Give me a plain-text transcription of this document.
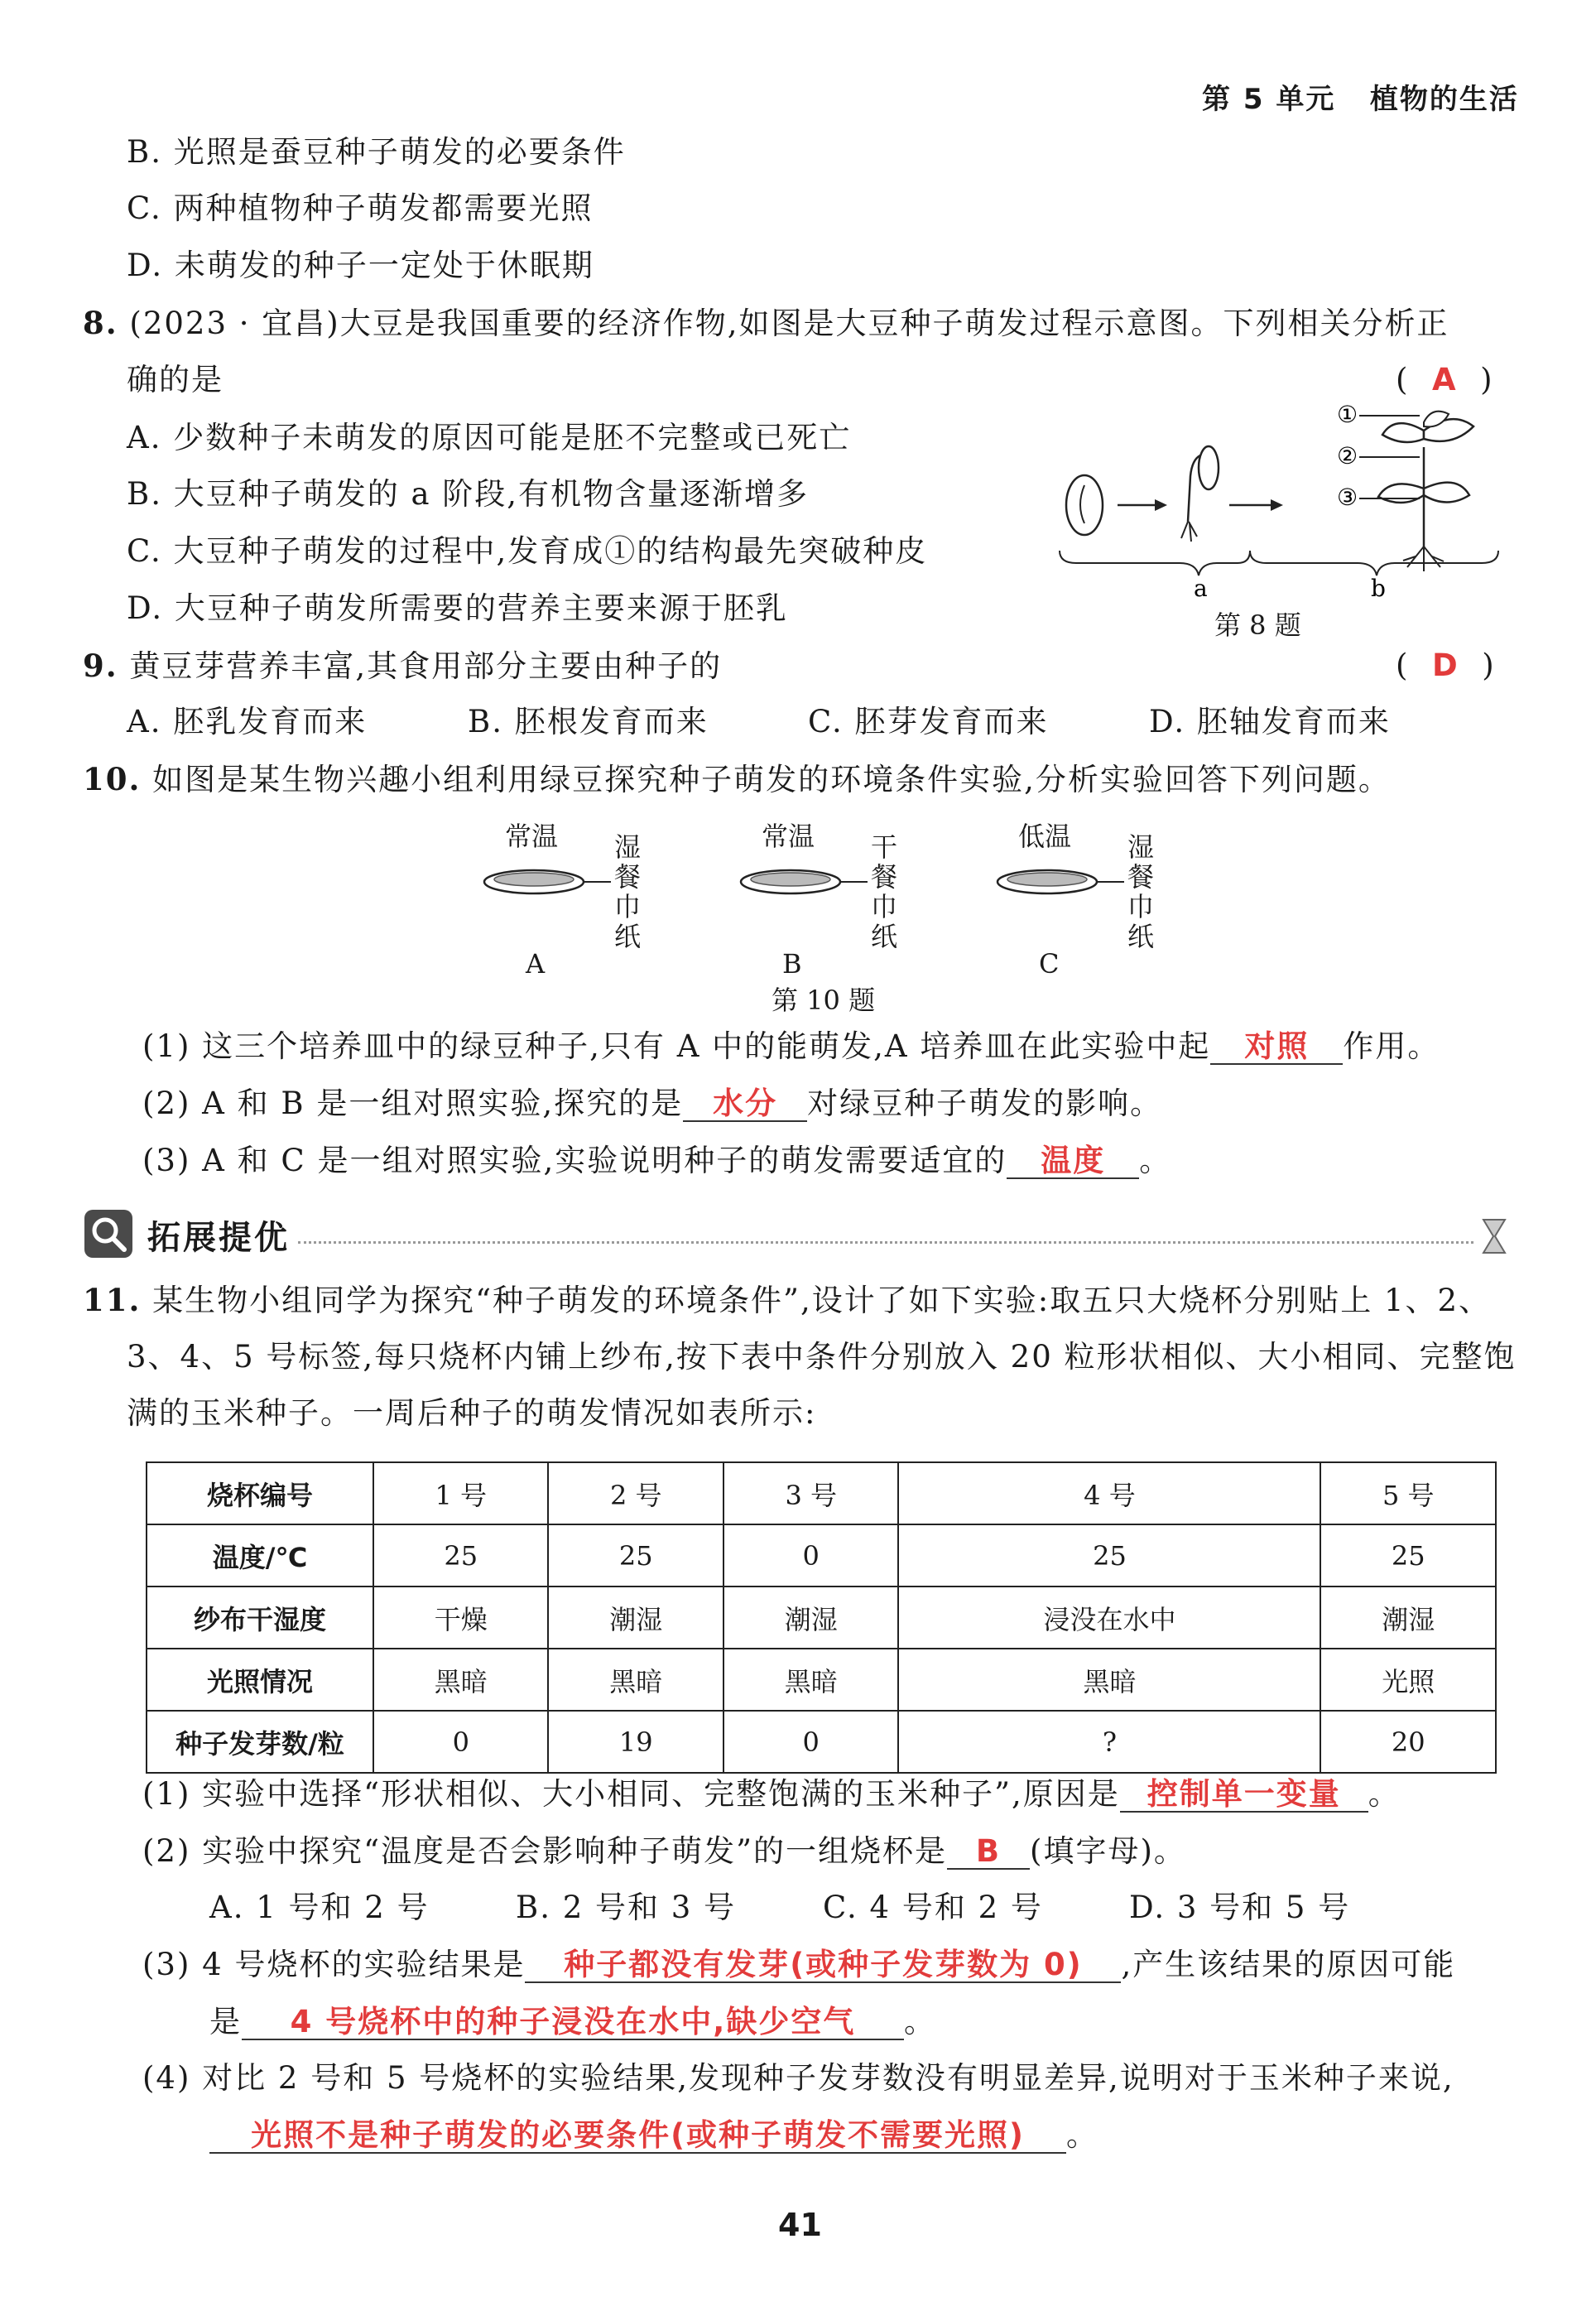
第 5 单元 植物的生活
B. 光照是蚕豆种子萌发的必要条件
C. 两种植物种子萌发都需要光照
D. 未萌发的种子一定处于休眠期
8. (2023 · 宜昌)大豆是我国重要的经济作物,如图是大豆种子萌发过程示意图。下列相关分析正
确的是	(  A  )
A. 少数种子未萌发的原因可能是胚不完整或已死亡
B. 大豆种子萌发的 a 阶段,有机物含量逐渐增多
C. 大豆种子萌发的过程中,发育成①的结构最先突破种皮
D. 大豆种子萌发所需要的营养主要来源于胚乳
①
②
③
a	b
第 8 题
9. 黄豆芽营养丰富,其食用部分主要由种子的	(  D  )
A. 胚乳发育而来	B. 胚根发育而来	C. 胚芽发育而来	D. 胚轴发育而来
10. 如图是某生物兴趣小组利用绿豆探究种子萌发的环境条件实验,分析实验回答下列问题。
常温 湿餐巾纸
A
常温 干餐巾纸
B
低温 湿餐巾纸
C
第 10 题
(1) 这三个培养皿中的绿豆种子,只有 A 中的能萌发,A 培养皿在此实验中起 对照 作用。
(2) A 和 B 是一组对照实验,探究的是 水分 对绿豆种子萌发的影响。
(3) A 和 C 是一组对照实验,实验说明种子的萌发需要适宜的 温度 。
拓展提优
11. 某生物小组同学为探究“种子萌发的环境条件”,设计了如下实验:取五只大烧杯分别贴上 1、2、
3、4、5 号标签,每只烧杯内铺上纱布,按下表中条件分别放入 20 粒形状相似、大小相同、完整饱
满的玉米种子。一周后种子的萌发情况如表所示:
烧杯编号	1 号	2 号	3 号	4 号	5 号
温度/℃	25	25	0	25	25
纱布干湿度	干燥	潮湿	潮湿	浸没在水中	潮湿
光照情况	黑暗	黑暗	黑暗	黑暗	光照
种子发芽数/粒	0	19	0	?	20
(1) 实验中选择“形状相似、大小相同、完整饱满的玉米种子”,原因是 控制单一变量 。
(2) 实验中探究“温度是否会影响种子萌发”的一组烧杯是 B (填字母)。
A. 1 号和 2 号	B. 2 号和 3 号	C. 4 号和 2 号	D. 3 号和 5 号
(3) 4 号烧杯的实验结果是 种子都没有发芽(或种子发芽数为 0) ,产生该结果的原因可能
是 4 号烧杯中的种子浸没在水中,缺少空气 。
(4) 对比 2 号和 5 号烧杯的实验结果,发现种子发芽数没有明显差异,说明对于玉米种子来说,
光照不是种子萌发的必要条件(或种子萌发不需要光照) 。
41
